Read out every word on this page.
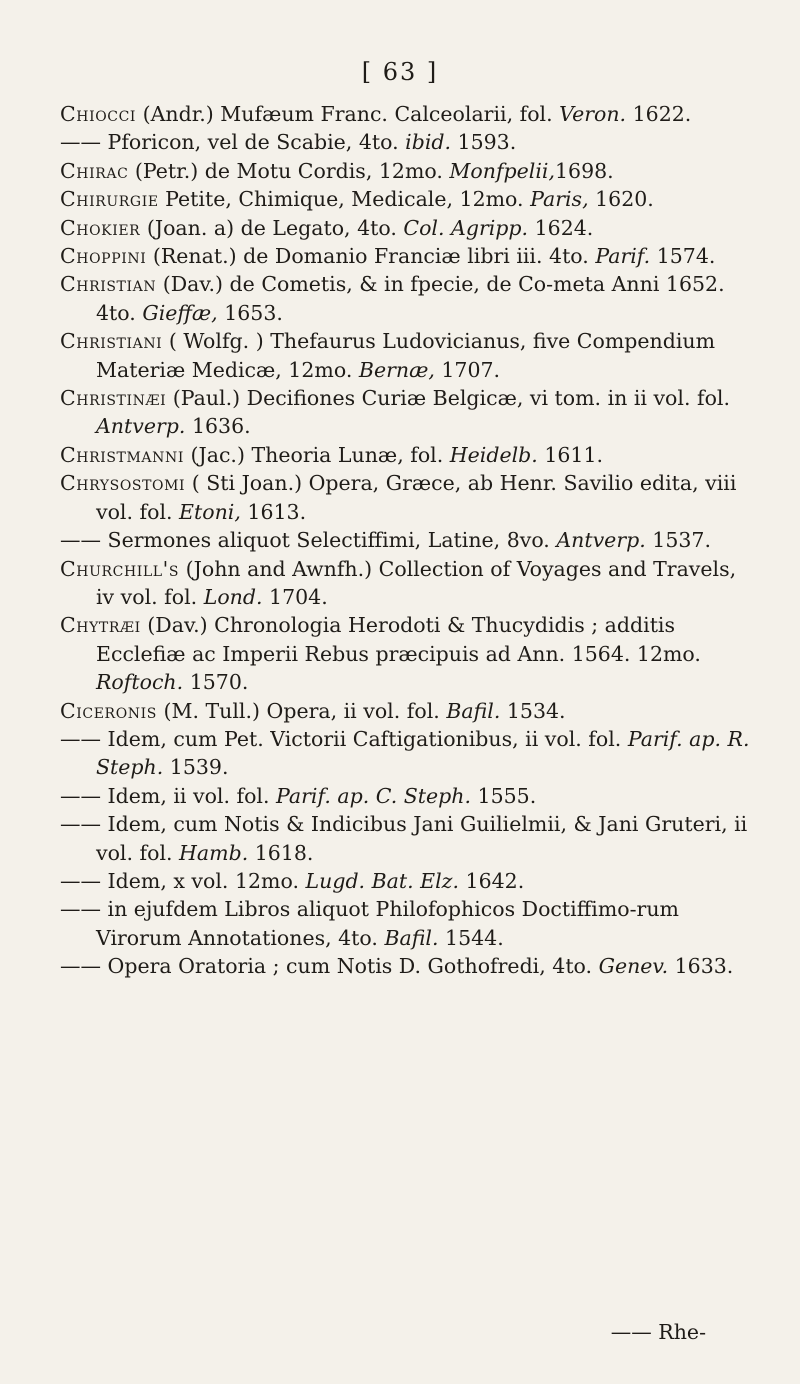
[ 63 ]

Chiocci (Andr.) Mufæum Franc. Calceolarii, fol. Veron. 1622.

—— Pforicon, vel de Scabie, 4to. ibid. 1593.

Chirac (Petr.) de Motu Cordis, 12mo. Monfpelii,1698.

Chirurgie Petite, Chimique, Medicale, 12mo. Paris, 1620.

Chokier (Joan. a) de Legato, 4to. Col. Agripp. 1624.

Choppini (Renat.) de Domanio Franciæ libri iii. 4to. Parif. 1574.

Christian (Dav.) de Cometis, & in fpecie, de Co-meta Anni 1652. 4to. Gieffæ, 1653.

Christiani ( Wolfg. ) Thefaurus Ludovicianus, five Compendium Materiæ Medicæ, 12mo. Bernæ, 1707.

Christinæi (Paul.) Decifiones Curiæ Belgicæ, vi tom. in ii vol. fol. Antverp. 1636.

Christmanni (Jac.) Theoria Lunæ, fol. Heidelb. 1611.

Chrysostomi ( Sti Joan.) Opera, Græce, ab Henr. Savilio edita, viii vol. fol. Etoni, 1613.

—— Sermones aliquot Selectiffimi, Latine, 8vo. Antverp. 1537.

Churchill's (John and Awnfh.) Collection of Voyages and Travels, iv vol. fol. Lond. 1704.

Chytræi (Dav.) Chronologia Herodoti & Thucydidis ; additis Ecclefiæ ac Imperii Rebus præcipuis ad Ann. 1564. 12mo. Roftoch. 1570.

Ciceronis (M. Tull.) Opera, ii vol. fol. Bafil. 1534.

—— Idem, cum Pet. Victorii Caftigationibus, ii vol. fol. Parif. ap. R. Steph. 1539.

—— Idem, ii vol. fol. Parif. ap. C. Steph. 1555.

—— Idem, cum Notis & Indicibus Jani Guilielmii, & Jani Gruteri, ii vol. fol. Hamb. 1618.

—— Idem, x vol. 12mo. Lugd. Bat. Elz. 1642.

—— in ejufdem Libros aliquot Philofophicos Doctiffimo-rum Virorum Annotationes, 4to. Bafil. 1544.

—— Opera Oratoria ; cum Notis D. Gothofredi, 4to. Genev. 1633.

—— Rhe-
